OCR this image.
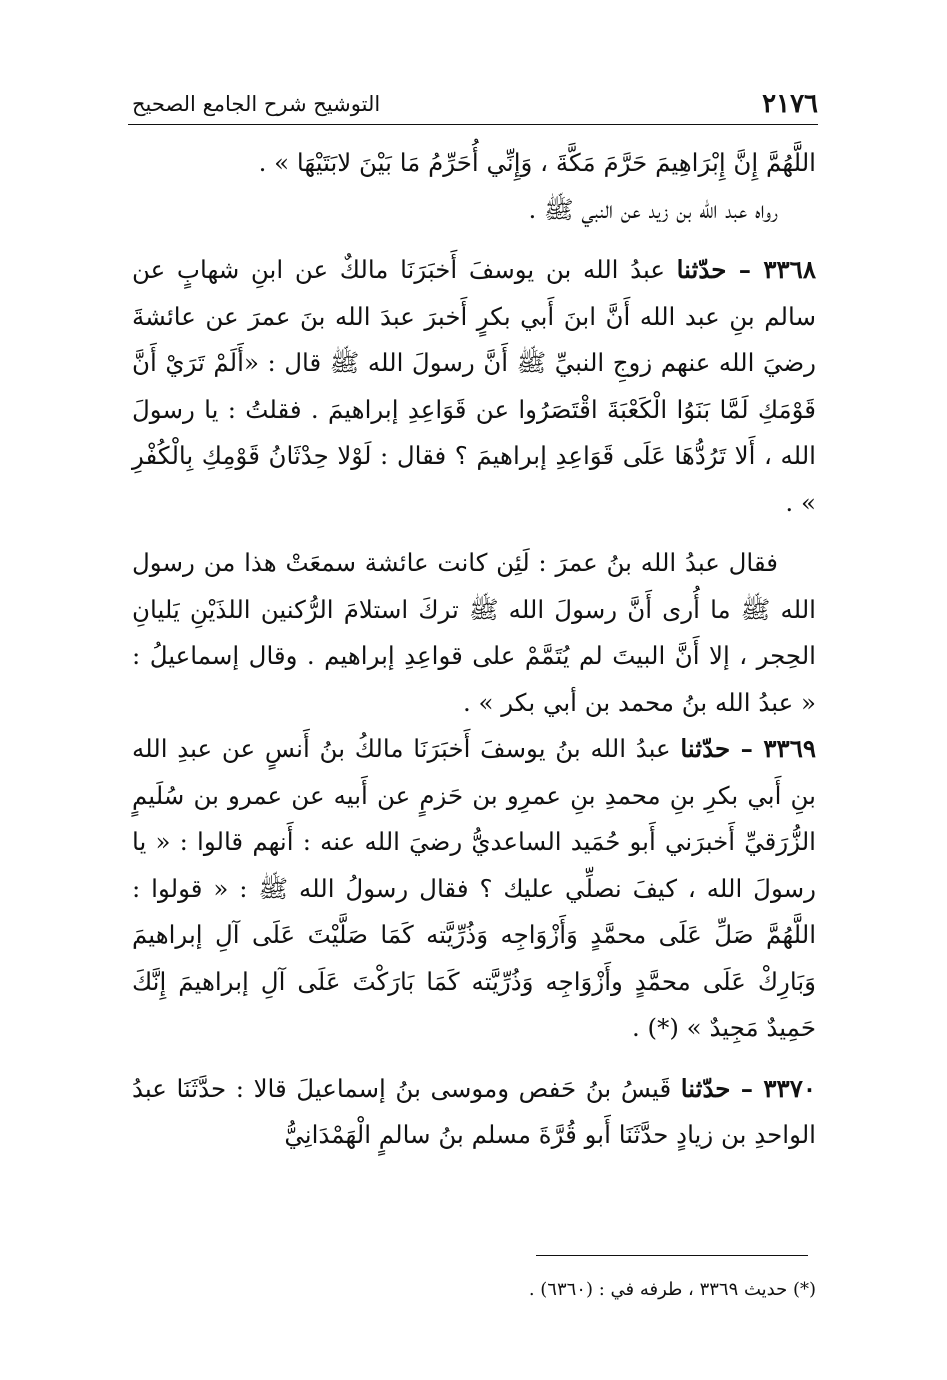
٢١٧٦
التوشيح شرح الجامع الصحيح

اللَّهُمَّ إِنَّ إِبْرَاهِيمَ حَرَّمَ مَكَّةَ ، وَإِنِّي أُحَرِّمُ مَا بَيْنَ لابَتَيْهَا » .

رواه عبد الله بن زيد عن النبي ﷺ .

٣٣٦٨ – حدّثنا عبدُ الله بن يوسفَ أَخبَرَنَا مالكٌ عن ابنِ شهابٍ عن سالم بنِ عبد الله أَنَّ ابنَ أَبي بكرٍ أَخبرَ عبدَ الله بنَ عمرَ عن عائشةَ رضيَ الله عنهم زوجِ النبيِّ ﷺ أَنَّ رسولَ الله ﷺ قال : «أَلَمْ تَرَيْ أَنَّ قَوْمَكِ لَمَّا بَنَوُا الْكَعْبَةَ اقْتَصَرُوا عن قَوَاعِدِ إبراهيمَ . فقلتُ : يا رسولَ الله ، أَلا تَرُدُّهَا عَلَى قَوَاعِدِ إبراهيمَ ؟ فقال : لَوْلا حِدْثَانُ قَوْمِكِ بِالْكُفْرِ » .

فقال عبدُ الله بنُ عمرَ : لَئِن كانت عائشة سمعَتْ هذا من رسول الله ﷺ ما أُرى أَنَّ رسولَ الله ﷺ تركَ استلامَ الرُّكنين اللذَيْنِ يَليانِ الحِجر ، إلا أَنَّ البيتَ لم يُتَمَّمْ على قواعِدِ إبراهيم . وقال إسماعيلُ : « عبدُ الله بنُ محمد بن أبي بكر » .

٣٣٦٩ – حدّثنا عبدُ الله بنُ يوسفَ أَخبَرَنَا مالكُ بنُ أَنسٍ عن عبدِ الله بنِ أَبي بكرِ بنِ محمدِ بنِ عمرِو بن حَزمٍ عن أَبيه عن عمرو بن سُلَيمٍ الزُّرَقيِّ أَخبرَني أَبو حُمَيد الساعديُّ رضيَ الله عنه : أَنهم قالوا : « يا رسولَ الله ، كيفَ نصلِّي عليك ؟ فقال رسولُ الله ﷺ : « قولوا : اللَّهُمَّ صَلِّ عَلَى محمَّدٍ وَأَزْوَاجِه وَذُرِّيَّته كَمَا صَلَّيْتَ عَلَى آلِ إبراهيمَ وَبَارِكْ عَلَى محمَّدٍ وأَزْوَاجِه وَذُرِّيَّته كَمَا بَارَكْتَ عَلَى آلِ إبراهيمَ إِنَّكَ حَمِيدٌ مَجِيدٌ » (*) .

٣٣٧٠ – حدّثنا قَيسُ بنُ حَفص وموسى بنُ إسماعيلَ قالا : حدَّثَنَا عبدُ الواحدِ بن زيادٍ حدَّثَنَا أَبو قُرَّةَ مسلم بنُ سالمٍ الْهَمْدَانِيُّ

(*) حديث ٣٣٦٩ ، طرفه في : (٦٣٦٠) .
